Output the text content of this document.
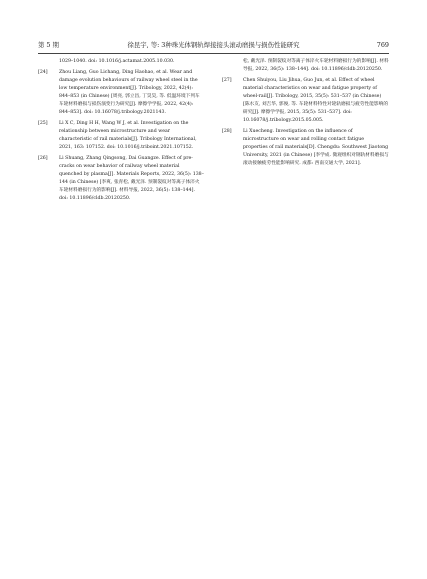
第 5 期	徐昆宇, 等: 3种珠光体钢轨焊接接头滚动磨损与损伤性能研究	769
1029–1040. doi: 10.1016/j.actamat.2005.10.030.
[24] Zhou Liang, Guo Lichang, Ding Haohao, et al. Wear and damage evolution behaviours of railway wheel steel in the low temperature environment[J]. Tribology, 2022, 42(4): 844–853 (in Chinese) [周亮, 郭立昌, 丁昊昊, 等. 低温环境下列车车轮材料磨损与损伤演变行为研究[J]. 摩擦学学报, 2022, 42(4): 844–853]. doi: 10.16078/j.tribology.2021143.
[25] Li X C, Ding H H, Wang W J, et al. Investigation on the relationship between microstructure and wear characteristic of rail materials[J]. Tribology International, 2021, 163: 107152. doi: 10.1016/j.triboint.2021.107152.
[26] Li Shuang, Zhang Qingsong, Dai Guangze. Effect of pre-cracks on wear behavior of railway wheel material quenched by plasma[J]. Materials Reports, 2022, 36(5): 138–144 (in Chinese) [李爽, 张青松, 戴光泽. 预制裂纹对等离子体淬火车轮材料磨损行为的影响[J]. 材料导报, 2022, 36(5): 138–144]. doi: 10.11896/cldb.20120250.
松, 戴光泽. 预制裂纹对等离子体淬火车轮材料磨损行为的影响[J]. 材料导报, 2022, 36(5): 138–144]. doi: 10.11896/cldb.20120250.
[27] Chen Shuiyou, Liu Jihua, Guo Jun, et al. Effect of wheel material characteristics on wear and fatigue property of wheel-rail[J]. Tribology, 2015, 35(5): 531–537 (in Chinese) [陈水友, 刘吉华, 郭俊, 等. 车轮材料特性对轮轨磨损与疲劳性能影响的研究[J]. 摩擦学学报, 2015, 35(5): 531–537]. doi: 10.16078/j.tribology.2015.05.005.
[28] Li Xuecheng. Investigation on the influence of microstructure on wear and rolling contact fatigue properties of rail materials[D]. Chengdu: Southwest Jiaotong University, 2021 (in Chinese) [李学成. 微观组织对钢轨材料磨损与滚动接触疲劳性能影响研究. 成都: 西南交通大学, 2021].
